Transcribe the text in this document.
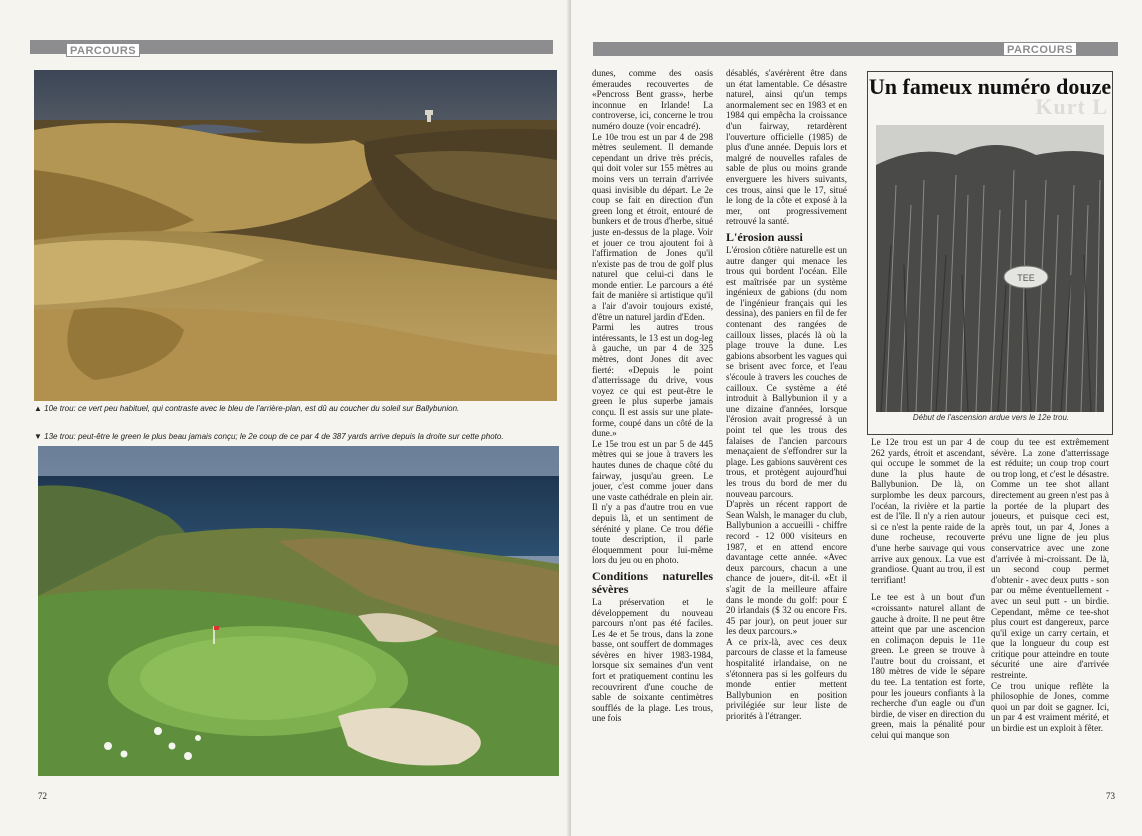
PARCOURS
▲ 10e trou: ce vert peu habituel, qui contraste avec le bleu de l'arrière-plan, est dû au coucher du soleil sur Ballybunion.
▼ 13e trou: peut-être le green le plus beau jamais conçu; le 2e coup de ce par 4 de 387 yards arrive depuis la droite sur cette photo.
72
PARCOURS

dunes, comme des oasis émeraudes recouvertes de «Pencross Bent grass», herbe inconnue en Irlande! La controverse, ici, concerne le trou numéro douze (voir encadré).

Le 10e trou est un par 4 de 298 mètres seulement. Il demande cependant un drive très précis, qui doit voler sur 155 mètres au moins vers un terrain d'arrivée quasi invisible du départ. Le 2e coup se fait en direction d'un green long et étroit, entouré de bunkers et de trous d'herbe, situé juste en-dessus de la plage. Voir et jouer ce trou ajoutent foi à l'affirmation de Jones qu'il n'existe pas de trou de golf plus naturel que celui-ci dans le monde entier. Le parcours a été fait de manière si artistique qu'il a l'air d'avoir toujours existé, d'être un naturel jardin d'Eden.

Parmi les autres trous intéressants, le 13 est un dog-leg à gauche, un par 4 de 325 mètres, dont Jones dit avec fierté: «Depuis le point d'atterrissage du drive, vous voyez ce qui est peut-être le green le plus superbe jamais conçu. Il est assis sur une plate-forme, coupé dans un côté de la dune.»

Le 15e trou est un par 5 de 445 mètres qui se joue à travers les hautes dunes de chaque côté du fairway, jusqu'au green. Le jouer, c'est comme jouer dans une vaste cathédrale en plein air. Il n'y a pas d'autre trou en vue depuis là, et un sentiment de sérénité y plane. Ce trou défie toute description, il parle éloquemment pour lui-même lors du jeu ou en photo.

Conditions naturelles sévères

La préservation et le développement du nouveau parcours n'ont pas été faciles. Les 4e et 5e trous, dans la zone basse, ont souffert de dommages sévères en hiver 1983-1984, lorsque six semaines d'un vent fort et pratiquement continu les recouvrirent d'une couche de sable de soixante centimètres soufflés de la plage. Les trous, une fois

désablés, s'avérèrent être dans un état lamentable. Ce désastre naturel, ainsi qu'un temps anormalement sec en 1983 et en 1984 qui empêcha la croissance d'un fairway, retardèrent l'ouverture officielle (1985) de plus d'une année. Depuis lors et malgré de nouvelles rafales de sable de plus ou moins grande enverguere les hivers suivants, ces trous, ainsi que le 17, situé le long de la côte et exposé à la mer, ont progressivement retrouvé la santé.

L'érosion aussi

L'érosion côtière naturelle est un autre danger qui menace les trous qui bordent l'océan. Elle est maîtrisée par un système ingénieux de gabions (du nom de l'ingénieur français qui les dessina), des paniers en fil de fer contenant des rangées de cailloux lisses, placés là où la plage trouve la dune. Les gabions absorbent les vagues qui se brisent avec force, et l'eau s'écoule à travers les couches de cailloux. Ce système a été introduit à Ballybunion il y a une dizaine d'années, lorsque l'érosion avait progressé à un point tel que les trous des falaises de l'ancien parcours menaçaient de s'effondrer sur la plage. Les gabions sauvèrent ces trous, et protègent aujourd'hui les trous du bord de mer du nouveau parcours.

D'après un récent rapport de Sean Walsh, le manager du club, Ballybunion a accueilli - chiffre record - 12 000 visiteurs en 1987, et en attend encore davantage cette année. «Avec deux parcours, chacun a une chance de jouer», dit-il. «Et il s'agit de la meilleure affaire dans le monde du golf: pour £ 20 irlandais ($ 32 ou encore Frs. 45 par jour), on peut jouer sur les deux parcours.»

A ce prix-là, avec ces deux parcours de classe et la fameuse hospitalité irlandaise, on ne s'étonnera pas si les golfeurs du monde entier mettent Ballybunion en position privilégiée sur leur liste de priorités à l'étranger.

Kurt L
Un fameux numéro douze
TEE
Début de l'ascension ardue vers le 12e trou.

Le 12e trou est un par 4 de 262 yards, étroit et ascendant, qui occupe le sommet de la dune la plus haute de Ballybunion. De là, on surplombe les deux parcours, l'océan, la rivière et la partie est de l'île. Il n'y a rien autour si ce n'est la pente raide de la dune rocheuse, recouverte d'une herbe sauvage qui vous arrive aux genoux. La vue est grandiose. Quant au trou, il est terrifiant!

Le tee est à un bout d'un «croissant» naturel allant de gauche à droite. Il ne peut être atteint que par une ascencion en colimaçon depuis le 11e green. Le green se trouve à l'autre bout du croissant, et 180 mètres de vide le sépare du tee. La tentation est forte, pour les joueurs confiants à la recherche d'un eagle ou d'un birdie, de viser en direction du green, mais la pénalité pour celui qui manque son

coup du tee est extrêmement sévère. La zone d'atterrissage est réduite; un coup trop court ou trop long, et c'est le désastre. Comme un tee shot allant directement au green n'est pas à la portée de la plupart des joueurs, et puisque ceci est, après tout, un par 4, Jones a prévu une ligne de jeu plus conservatrice avec une zone d'arrivée à mi-croissant. De là, un second coup permet d'obtenir - avec deux putts - son par ou même éventuellement - avec un seul putt - un birdie. Cependant, même ce tee-shot plus court est dangereux, parce qu'il exige un carry certain, et que la longueur du coup est critique pour atteindre en toute sécurité une aire d'arrivée restreinte.

Ce trou unique reflète la philosophie de Jones, comme quoi un par doit se gagner. Ici, un par 4 est vraiment mérité, et un birdie est un exploit à fêter.

73
